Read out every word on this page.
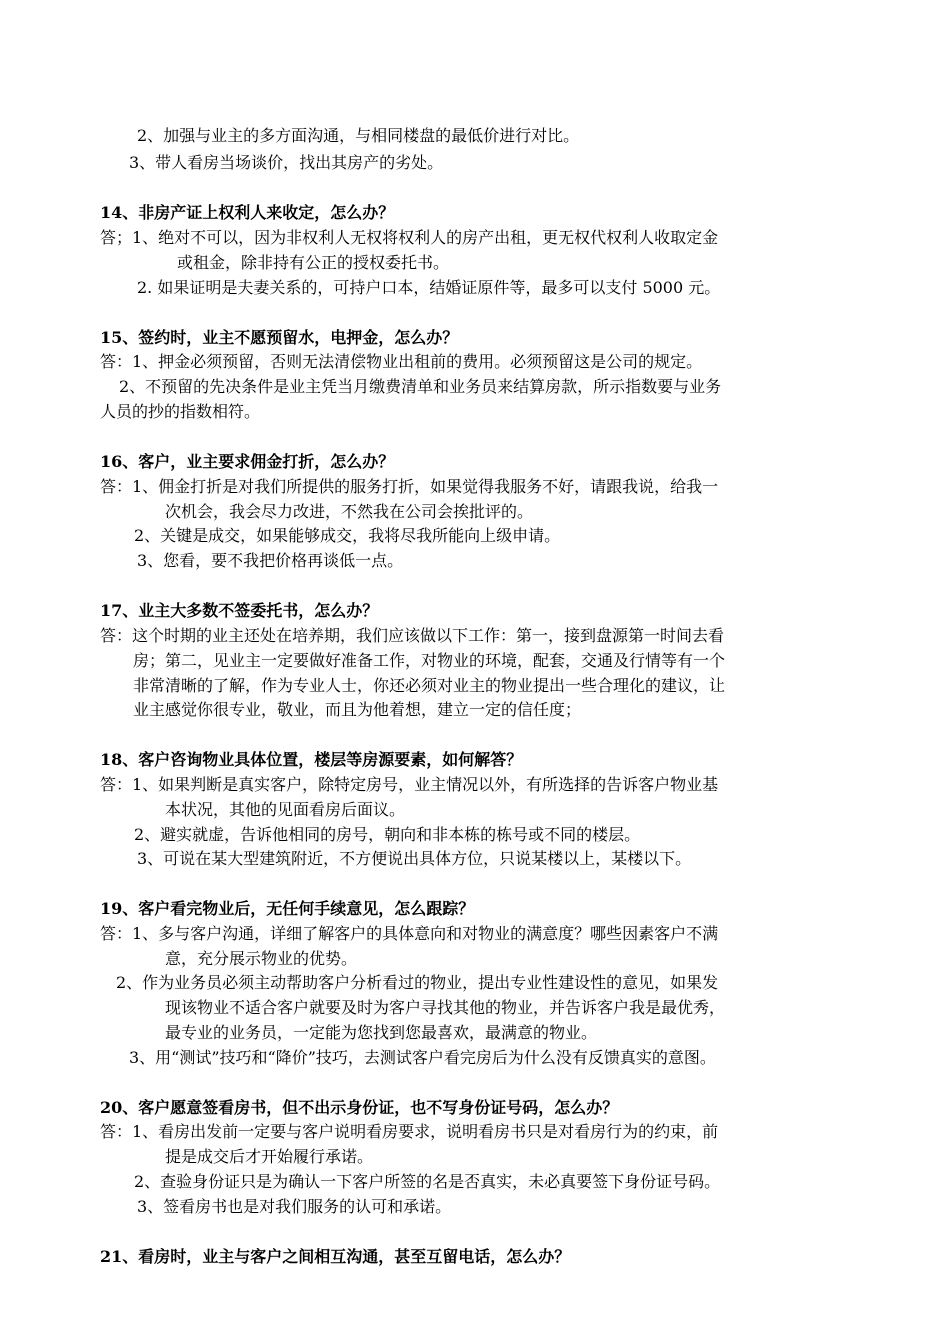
2、加强与业主的多方面沟通，与相同楼盘的最低价进行对比。
3、带人看房当场谈价，找出其房产的劣处。
14、非房产证上权利人来收定，怎么办？
答；1、绝对不可以，因为非权利人无权将权利人的房产出租，更无权代权利人收取定金
或租金，除非持有公正的授权委托书。
2. 如果证明是夫妻关系的，可持户口本，结婚证原件等，最多可以支付 5000 元。
15、签约时，业主不愿预留水，电押金，怎么办？
答：1、押金必须预留，否则无法清偿物业出租前的费用。必须预留这是公司的规定。
2、不预留的先决条件是业主凭当月缴费清单和业务员来结算房款，所示指数要与业务
人员的抄的指数相符。
16、客户，业主要求佣金打折，怎么办？
答：1、佣金打折是对我们所提供的服务打折，如果觉得我服务不好，请跟我说，给我一
次机会，我会尽力改进，不然我在公司会挨批评的。
2、关键是成交，如果能够成交，我将尽我所能向上级申请。
3、您看，要不我把价格再谈低一点。
17、业主大多数不签委托书，怎么办？
答：这个时期的业主还处在培养期，我们应该做以下工作：第一，接到盘源第一时间去看
房；第二，见业主一定要做好准备工作，对物业的环境，配套，交通及行情等有一个
非常清晰的了解，作为专业人士，你还必须对业主的物业提出一些合理化的建议，让
业主感觉你很专业，敬业，而且为他着想，建立一定的信任度；
18、客户咨询物业具体位置，楼层等房源要素，如何解答？
答：1、如果判断是真实客户，除特定房号，业主情况以外，有所选择的告诉客户物业基
本状况，其他的见面看房后面议。
2、避实就虚，告诉他相同的房号，朝向和非本栋的栋号或不同的楼层。
3、可说在某大型建筑附近，不方便说出具体方位，只说某楼以上，某楼以下。
19、客户看完物业后，无任何手续意见，怎么跟踪？
答：1、多与客户沟通，详细了解客户的具体意向和对物业的满意度？哪些因素客户不满
意，充分展示物业的优势。
2、作为业务员必须主动帮助客户分析看过的物业，提出专业性建设性的意见，如果发
现该物业不适合客户就要及时为客户寻找其他的物业，并告诉客户我是最优秀，
最专业的业务员，一定能为您找到您最喜欢，最满意的物业。
3、用“测试”技巧和“降价”技巧，去测试客户看完房后为什么没有反馈真实的意图。
20、客户愿意签看房书，但不出示身份证，也不写身份证号码，怎么办？
答：1、看房出发前一定要与客户说明看房要求，说明看房书只是对看房行为的约束，前
提是成交后才开始履行承诺。
2、查验身份证只是为确认一下客户所签的名是否真实，未必真要签下身份证号码。
3、签看房书也是对我们服务的认可和承诺。
21、看房时，业主与客户之间相互沟通，甚至互留电话，怎么办？
